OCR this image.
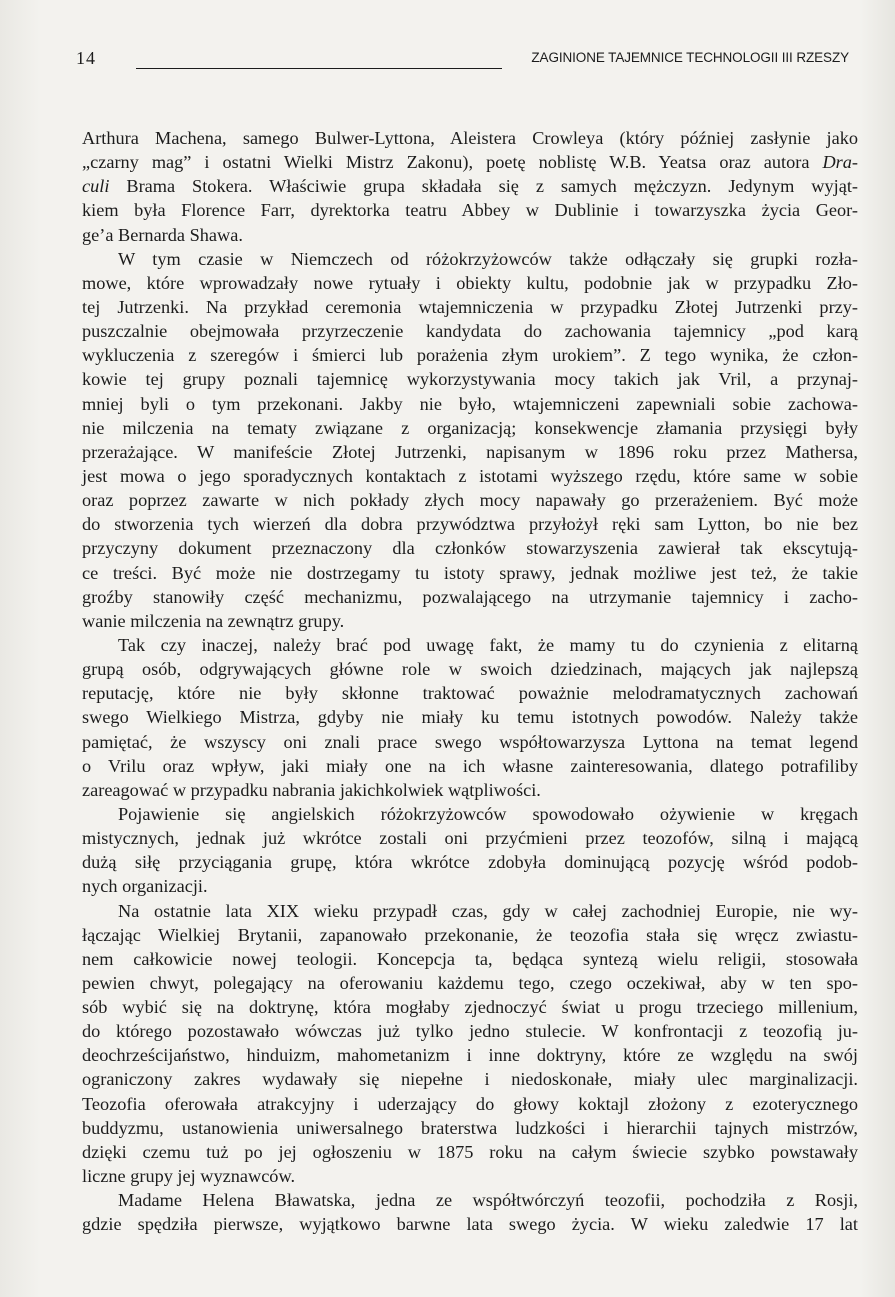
14	ZAGINIONE TAJEMNICE TECHNOLOGII III RZESZY
Arthura Machena, samego Bulwer-Lyttona, Aleistera Crowleya (który później zasłynie jako
„czarny mag” i ostatni Wielki Mistrz Zakonu), poetę noblistę W.B. Yeatsa oraz autora Dra-
culi Brama Stokera. Właściwie grupa składała się z samych mężczyzn. Jedynym wyjąt-
kiem była Florence Farr, dyrektorka teatru Abbey w Dublinie i towarzyszka życia Geor-
ge’a Bernarda Shawa.
W tym czasie w Niemczech od różokrzyżowców także odłączały się grupki rozła-
mowe, które wprowadzały nowe rytuały i obiekty kultu, podobnie jak w przypadku Zło-
tej Jutrzenki. Na przykład ceremonia wtajemniczenia w przypadku Złotej Jutrzenki przy-
puszczalnie obejmowała przyrzeczenie kandydata do zachowania tajemnicy „pod karą
wykluczenia z szeregów i śmierci lub porażenia złym urokiem”. Z tego wynika, że człon-
kowie tej grupy poznali tajemnicę wykorzystywania mocy takich jak Vril, a przynaj-
mniej byli o tym przekonani. Jakby nie było, wtajemniczeni zapewniali sobie zachowa-
nie milczenia na tematy związane z organizacją; konsekwencje złamania przysięgi były
przerażające. W manifeście Złotej Jutrzenki, napisanym w 1896 roku przez Mathersa,
jest mowa o jego sporadycznych kontaktach z istotami wyższego rzędu, które same w sobie
oraz poprzez zawarte w nich pokłady złych mocy napawały go przerażeniem. Być może
do stworzenia tych wierzeń dla dobra przywództwa przyłożył ręki sam Lytton, bo nie bez
przyczyny dokument przeznaczony dla członków stowarzyszenia zawierał tak ekscytują-
ce treści. Być może nie dostrzegamy tu istoty sprawy, jednak możliwe jest też, że takie
groźby stanowiły część mechanizmu, pozwalającego na utrzymanie tajemnicy i zacho-
wanie milczenia na zewnątrz grupy.
Tak czy inaczej, należy brać pod uwagę fakt, że mamy tu do czynienia z elitarną
grupą osób, odgrywających główne role w swoich dziedzinach, mających jak najlepszą
reputację, które nie były skłonne traktować poważnie melodramatycznych zachowań
swego Wielkiego Mistrza, gdyby nie miały ku temu istotnych powodów. Należy także
pamiętać, że wszyscy oni znali prace swego współtowarzysza Lyttona na temat legend
o Vrilu oraz wpływ, jaki miały one na ich własne zainteresowania, dlatego potrafiliby
zareagować w przypadku nabrania jakichkolwiek wątpliwości.
Pojawienie się angielskich różokrzyżowców spowodowało ożywienie w kręgach
mistycznych, jednak już wkrótce zostali oni przyćmieni przez teozofów, silną i mającą
dużą siłę przyciągania grupę, która wkrótce zdobyła dominującą pozycję wśród podob-
nych organizacji.
Na ostatnie lata XIX wieku przypadł czas, gdy w całej zachodniej Europie, nie wy-
łączając Wielkiej Brytanii, zapanowało przekonanie, że teozofia stała się wręcz zwiastu-
nem całkowicie nowej teologii. Koncepcja ta, będąca syntezą wielu religii, stosowała
pewien chwyt, polegający na oferowaniu każdemu tego, czego oczekiwał, aby w ten spo-
sób wybić się na doktrynę, która mogłaby zjednoczyć świat u progu trzeciego millenium,
do którego pozostawało wówczas już tylko jedno stulecie. W konfrontacji z teozofią ju-
deochrześcijaństwo, hinduizm, mahometanizm i inne doktryny, które ze względu na swój
ograniczony zakres wydawały się niepełne i niedoskonałe, miały ulec marginalizacji.
Teozofia oferowała atrakcyjny i uderzający do głowy koktajl złożony z ezoterycznego
buddyzmu, ustanowienia uniwersalnego braterstwa ludzkości i hierarchii tajnych mistrzów,
dzięki czemu tuż po jej ogłoszeniu w 1875 roku na całym świecie szybko powstawały
liczne grupy jej wyznawców.
Madame Helena Bławatska, jedna ze współtwórczyń teozofii, pochodziła z Rosji,
gdzie spędziła pierwsze, wyjątkowo barwne lata swego życia. W wieku zaledwie 17 lat
